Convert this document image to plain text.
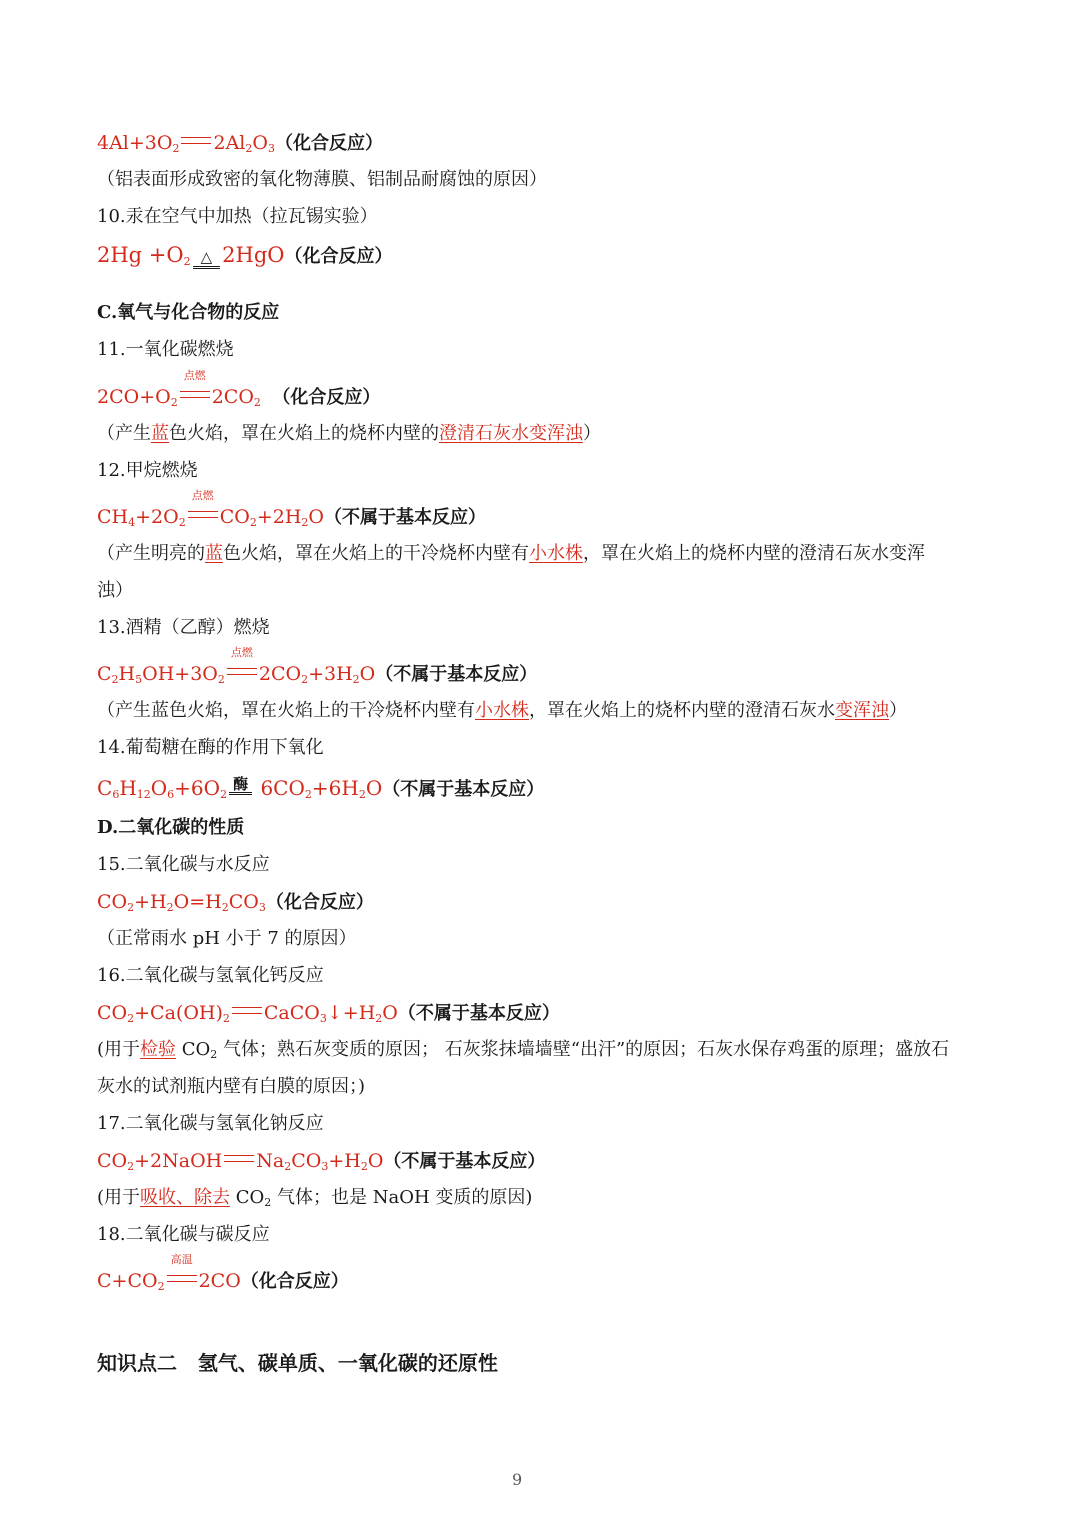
$4Al+3O_2$ $2Al_2O_3$（化合反应）
（铝表面形成致密的氧化物薄膜、铝制品耐腐蚀的原因）
10.汞在空气中加热（拉瓦锡实验）
$2Hg +O_2$ △ 2HgO（化合反应）
C.氧气与化合物的反应
11.一氧化碳燃烧
$2CO+O_2$
点燃
$2CO_2$ （化合反应）
（产生蓝色火焰，罩在火焰上的烧杯内壁的澄清石灰水变浑浊）
12.甲烷燃烧
$CH_4+2O_2$
点燃
$CO_2+2H_2O$（不属于基本反应）
（产生明亮的蓝色火焰，罩在火焰上的干冷烧杯内壁有小水株，罩在火焰上的烧杯内壁的澄清石灰水变浑
浊）
13.酒精（乙醇）燃烧
$C_2H_5OH+3O_2$
点燃
$2CO_2+3H_2O$（不属于基本反应）
（产生蓝色火焰，罩在火焰上的干冷烧杯内壁有小水株，罩在火焰上的烧杯内壁的澄清石灰水变浑浊）
14.葡萄糖在酶的作用下氧化
$C_6H_{12}O_6+6O_2$酶 $6CO_2+6H_2O$（不属于基本反应）
D.二氧化碳的性质
15.二氧化碳与水反应
$CO_2+H_2O=H_2CO_3$（化合反应）
（正常雨水 pH 小于 7 的原因）
16.二氧化碳与氢氧化钙反应
$CO_2+Ca(OH)_2$ $CaCO_3↓+H_2O$（不属于基本反应）
(用于检验 $CO_2$ 气体；熟石灰变质的原因； 石灰浆抹墙墙壁“出汗”的原因；石灰水保存鸡蛋的原理；盛放石
灰水的试剂瓶内壁有白膜的原因；)
17.二氧化碳与氢氧化钠反应
$CO_2+2NaOH$ $Na_2CO_3+H_2O$（不属于基本反应）
(用于吸收、除去 $CO_2$ 气体；也是 NaOH 变质的原因)
18.二氧化碳与碳反应
$C+CO_2$
高温
2CO（化合反应）
知识点二   氢气、碳单质、一氧化碳的还原性
9
